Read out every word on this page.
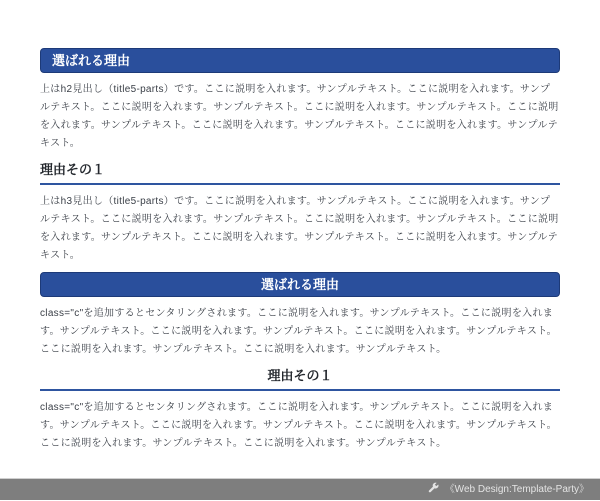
選ばれる理由

上はh2見出し（title5-parts）です。ここに説明を入れます。サンプルテキスト。ここに説明を入れます。サンプルテキスト。ここに説明を入れます。サンプルテキスト。ここに説明を入れます。サンプルテキスト。ここに説明を入れます。サンプルテキスト。ここに説明を入れます。サンプルテキスト。ここに説明を入れます。サンプルテキスト。

理由その１

上はh3見出し（title5-parts）です。ここに説明を入れます。サンプルテキスト。ここに説明を入れます。サンプルテキスト。ここに説明を入れます。サンプルテキスト。ここに説明を入れます。サンプルテキスト。ここに説明を入れます。サンプルテキスト。ここに説明を入れます。サンプルテキスト。ここに説明を入れます。サンプルテキスト。

選ばれる理由

class="c"を追加するとセンタリングされます。ここに説明を入れます。サンプルテキスト。ここに説明を入れます。サンプルテキスト。ここに説明を入れます。サンプルテキスト。ここに説明を入れます。サンプルテキスト。ここに説明を入れます。サンプルテキスト。ここに説明を入れます。サンプルテキスト。

理由その１

class="c"を追加するとセンタリングされます。ここに説明を入れます。サンプルテキスト。ここに説明を入れます。サンプルテキスト。ここに説明を入れます。サンプルテキスト。ここに説明を入れます。サンプルテキスト。ここに説明を入れます。サンプルテキスト。ここに説明を入れます。サンプルテキスト。

《Web Design:Template-Party》
